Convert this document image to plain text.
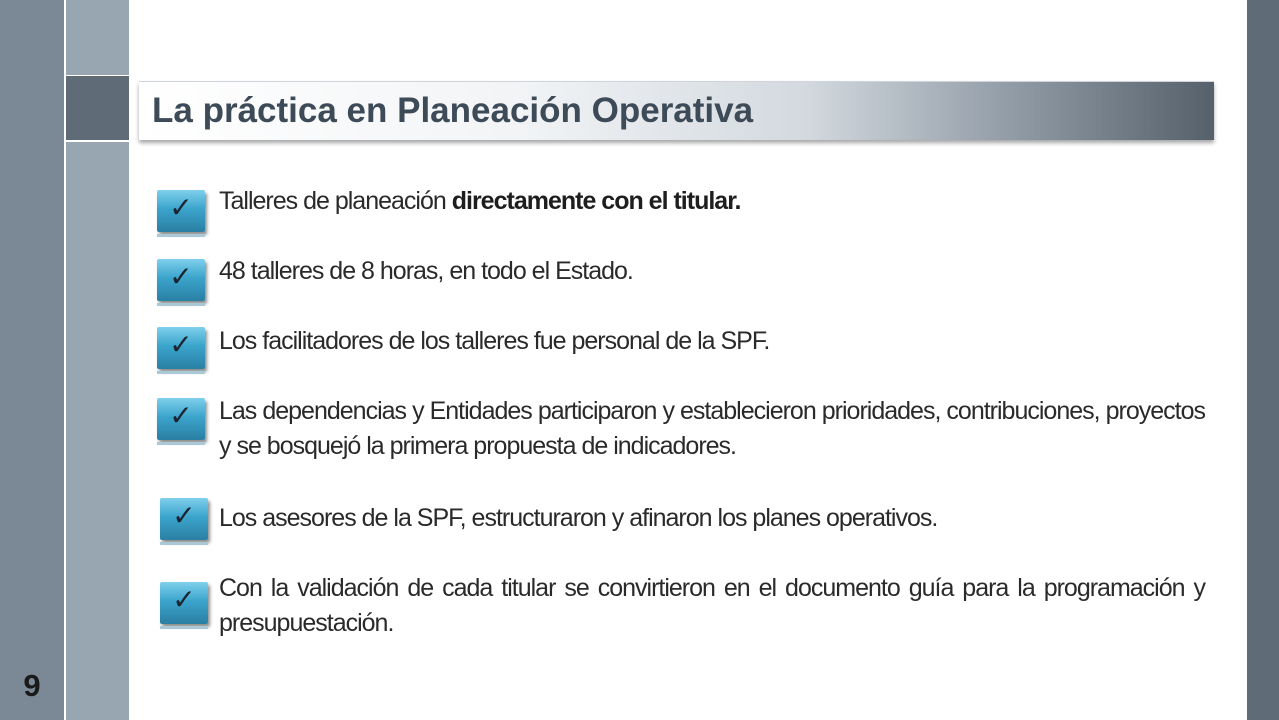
9
La práctica en Planeación Operativa
✓	Talleres de planeación directamente con el titular.
✓	48 talleres de 8 horas, en todo el Estado.
✓	Los facilitadores de los talleres fue personal de la SPF.
✓	Las dependencias y Entidades participaron y establecieron prioridades, contribuciones, proyectos y se bosquejó la primera propuesta de indicadores.
✓ Los asesores de la SPF, estructuraron y afinaron los planes operativos.
✓ Con la validación de cada titular se convirtieron en el documento guía para la programación y presupuestación.
